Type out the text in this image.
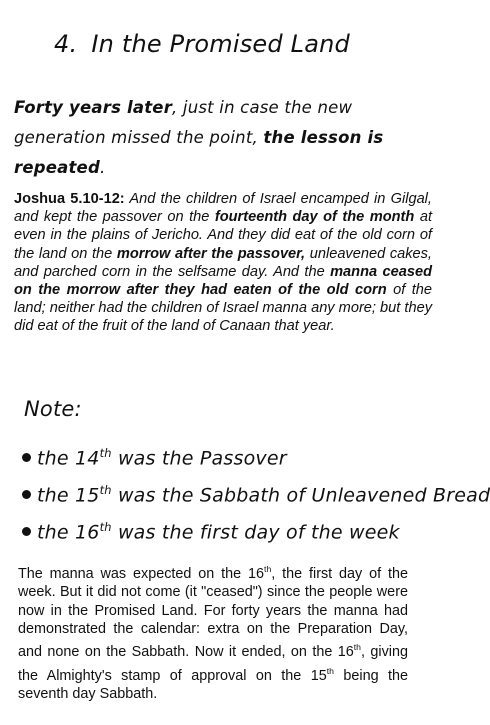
4. In the Promised Land

Forty years later, just in case the new generation missed the point, the lesson is repeated.

Joshua 5.10-12: And the children of Israel encamped in Gilgal, and kept the passover on the fourteenth day of the month at even in the plains of Jericho. And they did eat of the old corn of the land on the morrow after the passover, unleavened cakes, and parched corn in the selfsame day. And the manna ceased on the morrow after they had eaten of the old corn of the land; neither had the children of Israel manna any more; but they did eat of the fruit of the land of Canaan that year.

Note:

the 14th was the Passover
the 15th was the Sabbath of Unleavened Bread
the 16th was the first day of the week

The manna was expected on the 16th, the first day of the week. But it did not come (it "ceased") since the people were now in the Promised Land. For forty years the manna had demonstrated the calendar: extra on the Preparation Day, and none on the Sabbath. Now it ended, on the 16th, giving the Almighty's stamp of approval on the 15th being the seventh day Sabbath.
